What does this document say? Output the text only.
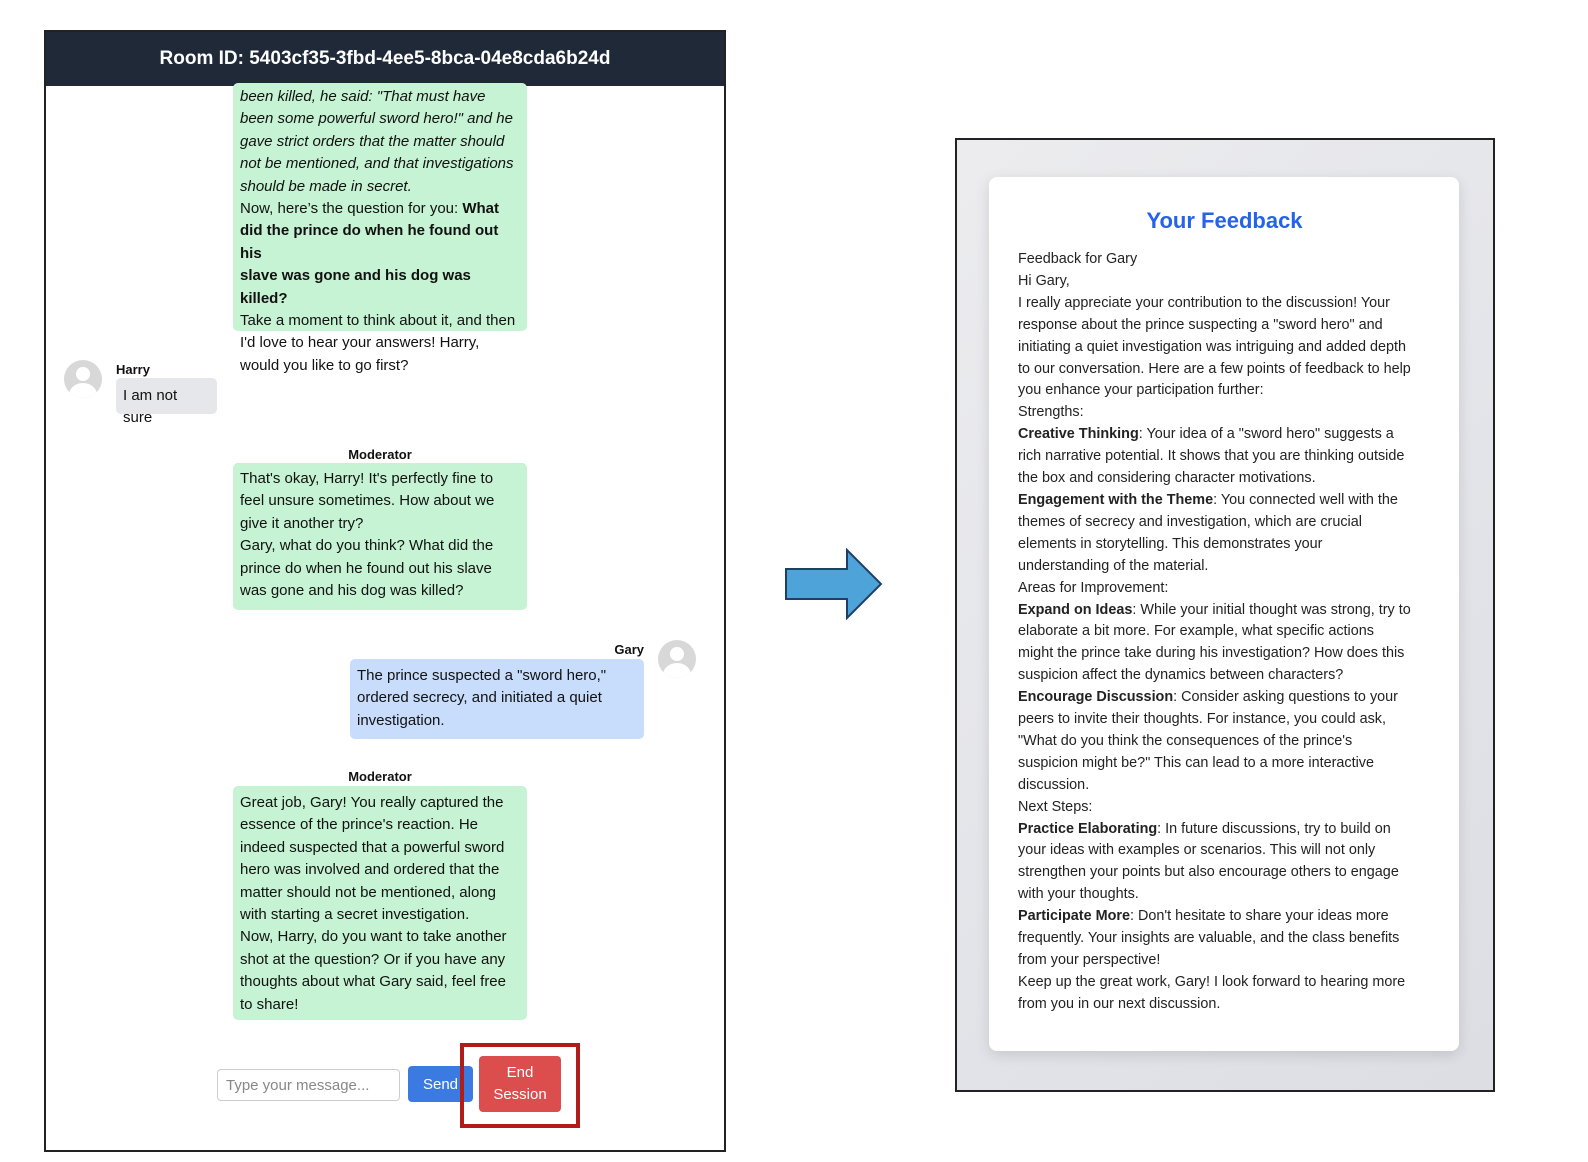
Room ID: 5403cf35-3fbd-4ee5-8bca-04e8cda6b24d

been killed, he said: "That must have

been some powerful sword hero!" and he

gave strict orders that the matter should

not be mentioned, and that investigations

should be made in secret.

Now, here’s the question for you: What

did the prince do when he found out his

slave was gone and his dog was killed?

Take a moment to think about it, and then

I'd love to hear your answers! Harry,

would you like to go first?

Harry

I am not sure

Moderator

That's okay, Harry! It's perfectly fine to

feel unsure sometimes. How about we

give it another try?

Gary, what do you think? What did the

prince do when he found out his slave

was gone and his dog was killed?

Gary

The prince suspected a "sword hero,"

ordered secrecy, and initiated a quiet

investigation.

Moderator

Great job, Gary! You really captured the

essence of the prince's reaction. He

indeed suspected that a powerful sword

hero was involved and ordered that the

matter should not be mentioned, along

with starting a secret investigation.

Now, Harry, do you want to take another

shot at the question? Or if you have any

thoughts about what Gary said, feel free

to share!

Type your message...
Send
End
Session
Your Feedback

Feedback for Gary

Hi Gary,

I really appreciate your contribution to the discussion! Your

response about the prince suspecting a "sword hero" and

initiating a quiet investigation was intriguing and added depth

to our conversation. Here are a few points of feedback to help

you enhance your participation further:

Strengths:

Creative Thinking: Your idea of a "sword hero" suggests a

rich narrative potential. It shows that you are thinking outside

the box and considering character motivations.

Engagement with the Theme: You connected well with the

themes of secrecy and investigation, which are crucial

elements in storytelling. This demonstrates your

understanding of the material.

Areas for Improvement:

Expand on Ideas: While your initial thought was strong, try to

elaborate a bit more. For example, what specific actions

might the prince take during his investigation? How does this

suspicion affect the dynamics between characters?

Encourage Discussion: Consider asking questions to your

peers to invite their thoughts. For instance, you could ask,

"What do you think the consequences of the prince's

suspicion might be?" This can lead to a more interactive

discussion.

Next Steps:

Practice Elaborating: In future discussions, try to build on

your ideas with examples or scenarios. This will not only

strengthen your points but also encourage others to engage

with your thoughts.

Participate More: Don't hesitate to share your ideas more

frequently. Your insights are valuable, and the class benefits

from your perspective!

Keep up the great work, Gary! I look forward to hearing more

from you in our next discussion.
